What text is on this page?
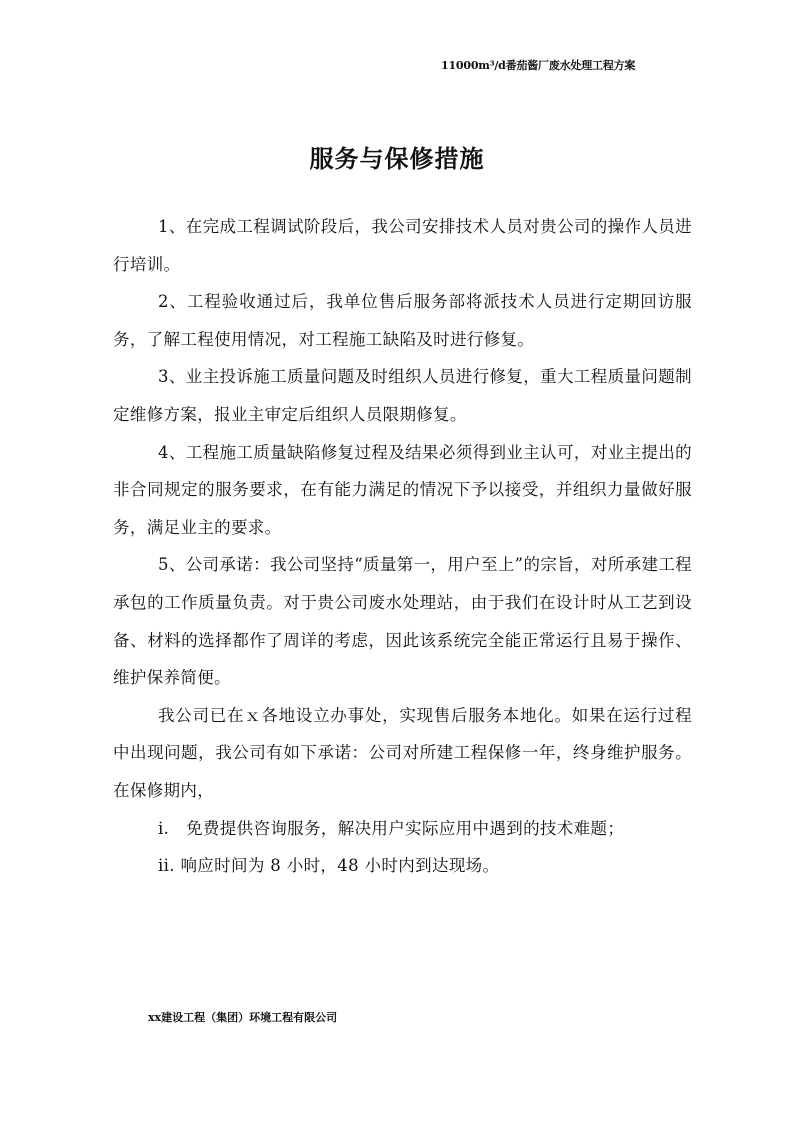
11000m³/d番茄酱厂废水处理工程方案
服务与保修措施

1、在完成工程调试阶段后，我公司安排技术人员对贵公司的操作人员进行培训。

2、工程验收通过后，我单位售后服务部将派技术人员进行定期回访服务，了解工程使用情况，对工程施工缺陷及时进行修复。

3、业主投诉施工质量问题及时组织人员进行修复，重大工程质量问题制定维修方案，报业主审定后组织人员限期修复。

4、工程施工质量缺陷修复过程及结果必须得到业主认可，对业主提出的非合同规定的服务要求，在有能力满足的情况下予以接受，并组织力量做好服务，满足业主的要求。

5、公司承诺：我公司坚持“质量第一，用户至上”的宗旨，对所承建工程承包的工作质量负责。对于贵公司废水处理站，由于我们在设计时从工艺到设备、材料的选择都作了周详的考虑，因此该系统完全能正常运行且易于操作、维护保养简便。

我公司已在ｘ各地设立办事处，实现售后服务本地化。如果在运行过程中出现问题，我公司有如下承诺：公司对所建工程保修一年，终身维护服务。在保修期内，

i.　免费提供咨询服务，解决用户实际应用中遇到的技术难题；

ii. 响应时间为 8 小时，48 小时内到达现场。

xx建设工程（集团）环境工程有限公司
